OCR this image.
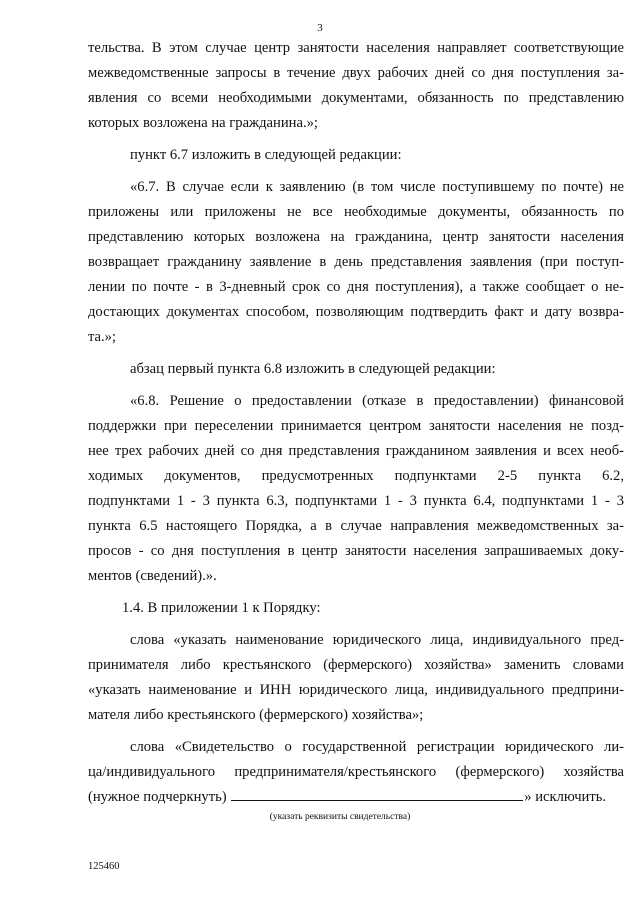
3
тельства. В этом случае центр занятости населения направляет соответствующие
межведомственные запросы в течение двух рабочих дней со дня поступления за-
явления со всеми необходимыми документами, обязанность по представлению
которых возложена на гражданина.»;
пункт 6.7 изложить в следующей редакции:
«6.7. В случае если к заявлению (в том числе поступившему по почте) не
приложены или приложены не все необходимые документы, обязанность по
представлению которых возложена на гражданина, центр занятости населения
возвращает гражданину заявление в день представления заявления (при поступ-
лении по почте - в 3-дневный срок со дня поступления), а также сообщает о не-
достающих документах способом, позволяющим подтвердить факт и дату возвра-
та.»;
абзац первый пункта 6.8 изложить в следующей редакции:
«6.8. Решение о предоставлении (отказе в предоставлении) финансовой
поддержки при переселении принимается центром занятости населения не позд-
нее трех рабочих дней со дня представления гражданином заявления и всех необ-
ходимых документов, предусмотренных подпунктами 2-5 пункта 6.2,
подпунктами 1 - 3 пункта 6.3, подпунктами 1 - 3 пункта 6.4, подпунктами 1 - 3
пункта 6.5 настоящего Порядка, а в случае направления межведомственных за-
просов - со дня поступления в центр занятости населения запрашиваемых доку-
ментов (сведений).».
1.4. В приложении 1 к Порядку:
слова «указать наименование юридического лица, индивидуального пред-
принимателя либо крестьянского (фермерского) хозяйства» заменить словами
«указать наименование и ИНН юридического лица, индивидуального предприни-
мателя либо крестьянского (фермерского) хозяйства»;
слова «Свидетельство о государственной регистрации юридического ли-
ца/индивидуального предпринимателя/крестьянского (фермерского) хозяйства
(нужное подчеркнуть)	» исключить.
(указать реквизиты свидетельства)
125460
